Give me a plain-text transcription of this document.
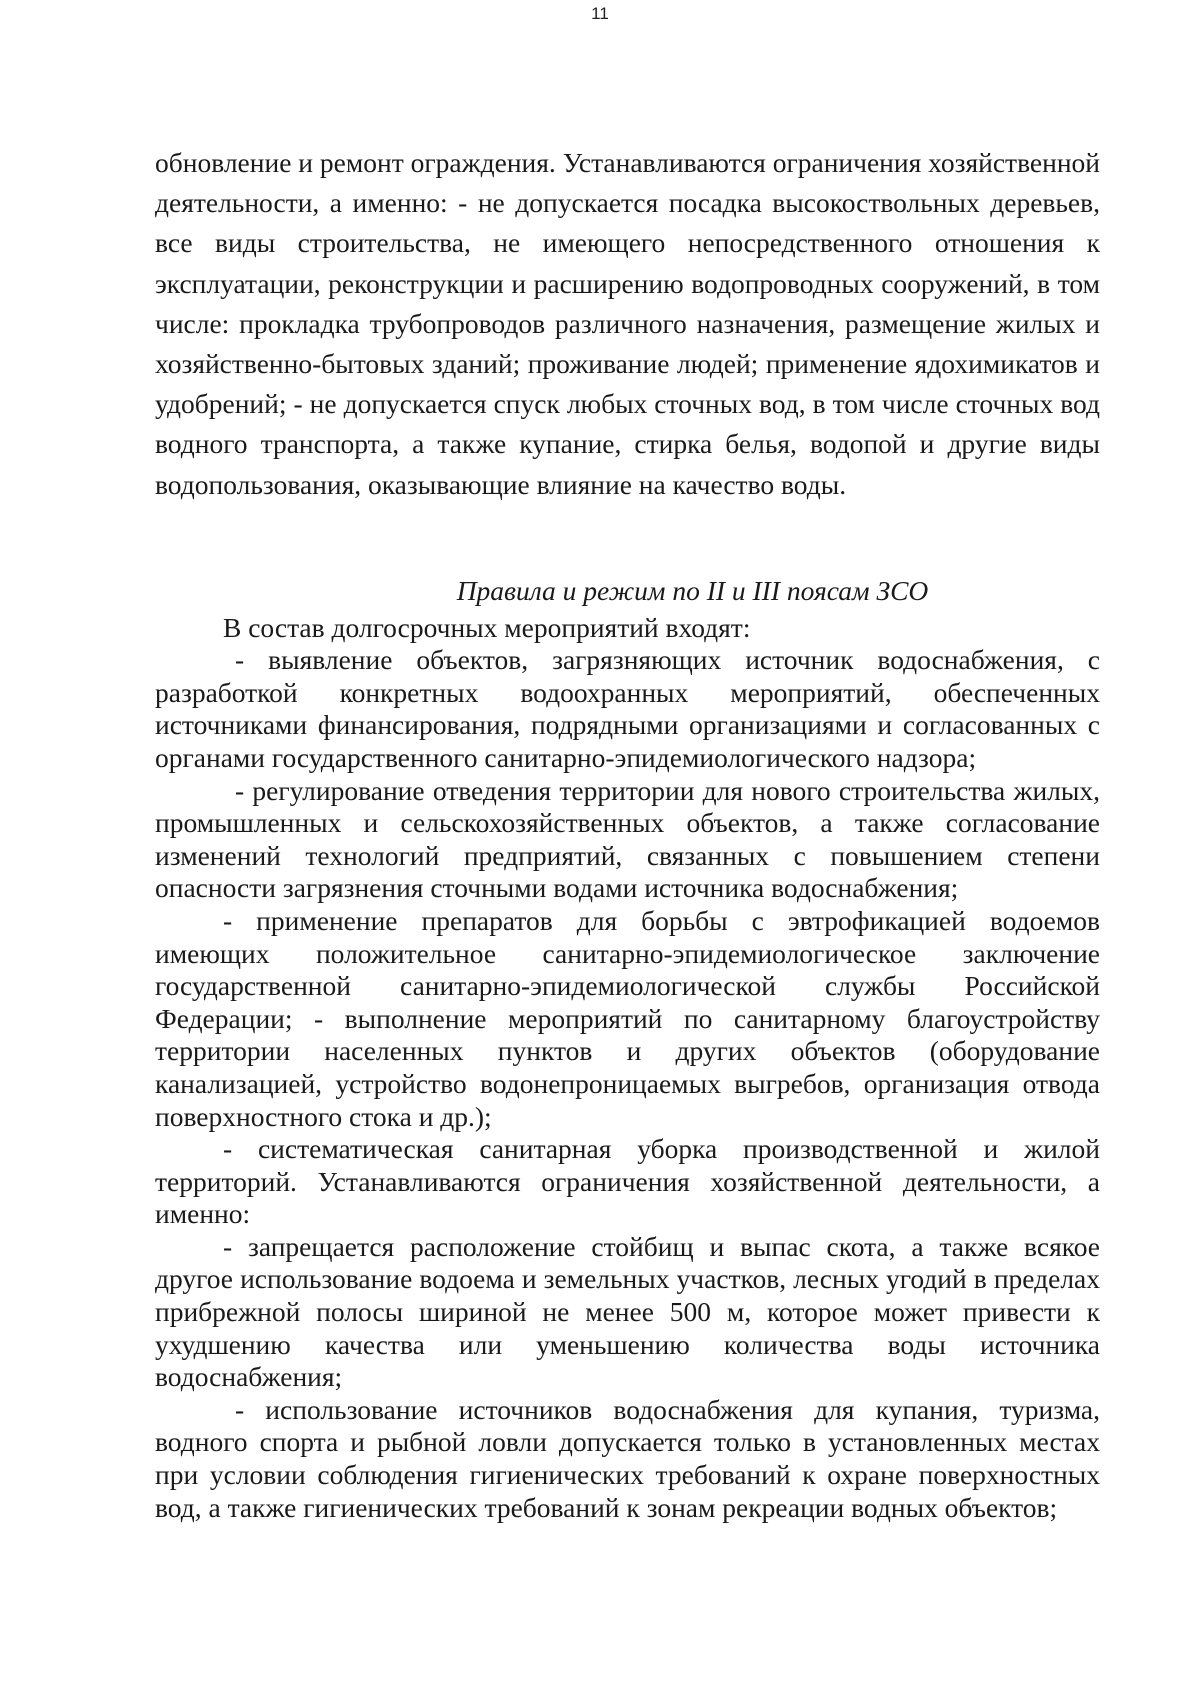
11

обновление и ремонт ограждения. Устанавливаются ограничения хозяйственной деятельности, а именно: - не допускается посадка высокоствольных деревьев, все виды строительства, не имеющего непосредственного отношения к эксплуатации, реконструкции и расширению водопроводных сооружений, в том числе: прокладка трубопроводов различного назначения, размещение жилых и хозяйственно-бытовых зданий; проживание людей; применение ядохимикатов и удобрений; - не допускается спуск любых сточных вод, в том числе сточных вод водного транспорта, а также купание, стирка белья, водопой и другие виды водопользования, оказывающие влияние на качество воды.

Правила и режим по II и III поясам ЗСО

В состав долгосрочных мероприятий входят:

- выявление объектов, загрязняющих источник водоснабжения, с разработкой конкретных водоохранных мероприятий, обеспеченных источниками финансирования, подрядными организациями и согласованных с органами государственного санитарно-эпидемиологического надзора;

- регулирование отведения территории для нового строительства жилых, промышленных и сельскохозяйственных объектов, а также согласование изменений технологий предприятий, связанных с повышением степени опасности загрязнения сточными водами источника водоснабжения;

- применение препаратов для борьбы с эвтрофикацией водоемов имеющих положительное санитарно-эпидемиологическое заключение государственной санитарно-эпидемиологической службы Российской Федерации; - выполнение мероприятий по санитарному благоустройству территории населенных пунктов и других объектов (оборудование канализацией, устройство водонепроницаемых выгребов, организация отвода поверхностного стока и др.);

- систематическая санитарная уборка производственной и жилой территорий. Устанавливаются ограничения хозяйственной деятельности, а именно:

- запрещается расположение стойбищ и выпас скота, а также всякое другое использование водоема и земельных участков, лесных угодий в пределах прибрежной полосы шириной не менее 500 м, которое может привести к ухудшению качества или уменьшению количества воды источника водоснабжения;

- использование источников водоснабжения для купания, туризма, водного спорта и рыбной ловли допускается только в установленных местах при условии соблюдения гигиенических требований к охране поверхностных вод, а также гигиенических требований к зонам рекреации водных объектов;
